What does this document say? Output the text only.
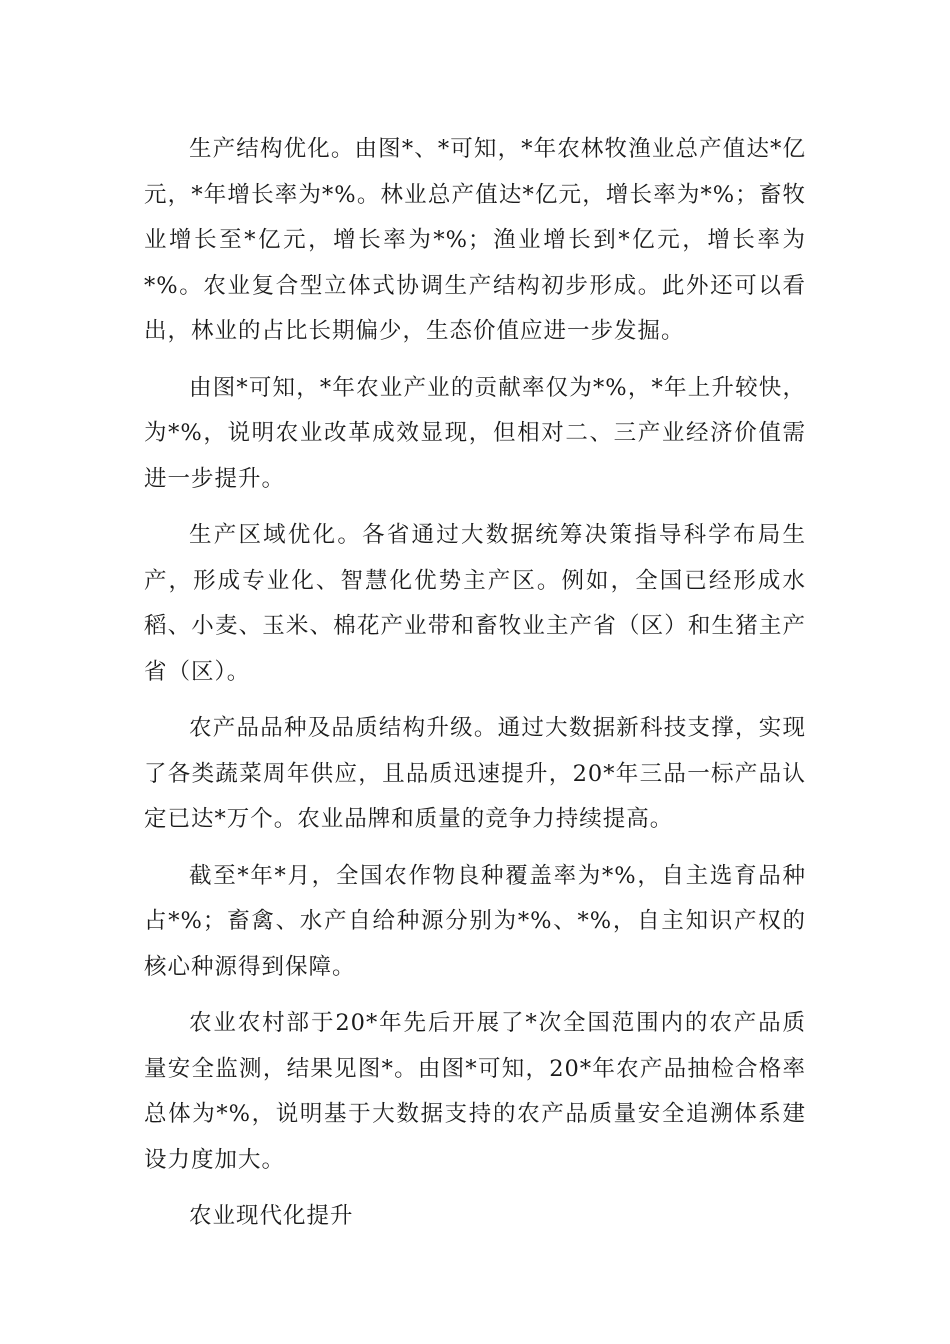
生产结构优化。由图*、*可知，*年农林牧渔业总产值达*亿元，*年增长率为*%。林业总产值达*亿元，增长率为*%；畜牧业增长至*亿元，增长率为*%；渔业增长到*亿元，增长率为*%。农业复合型立体式协调生产结构初步形成。此外还可以看出，林业的占比长期偏少，生态价值应进一步发掘。

由图*可知，*年农业产业的贡献率仅为*%，*年上升较快，为*%，说明农业改革成效显现，但相对二、三产业经济价值需进一步提升。

生产区域优化。各省通过大数据统筹决策指导科学布局生产，形成专业化、智慧化优势主产区。例如，全国已经形成水稻、小麦、玉米、棉花产业带和畜牧业主产省（区）和生猪主产省（区）。

农产品品种及品质结构升级。通过大数据新科技支撑，实现了各类蔬菜周年供应，且品质迅速提升，20*年三品一标产品认定已达*万个。农业品牌和质量的竞争力持续提高。

截至*年*月，全国农作物良种覆盖率为*%，自主选育品种占*%；畜禽、水产自给种源分别为*%、*%，自主知识产权的核心种源得到保障。

农业农村部于20*年先后开展了*次全国范围内的农产品质量安全监测，结果见图*。由图*可知，20*年农产品抽检合格率总体为*%，说明基于大数据支持的农产品质量安全追溯体系建设力度加大。

农业现代化提升
